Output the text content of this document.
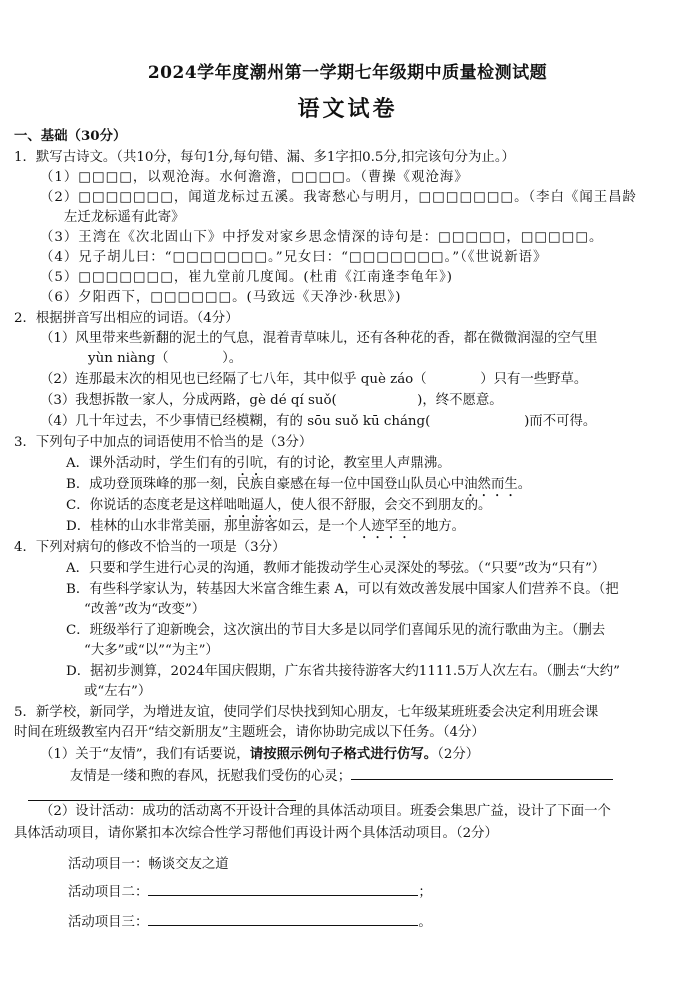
2024学年度潮州第一学期七年级期中质量检测试题
语文试卷
一、基础（30分）
1．默写古诗文。（共10分，每句1分,每句错、漏、多1字扣0.5分,扣完该句分为止。）
（1）□□□□，以观沧海。水何澹澹，□□□□。（曹操《观沧海》
（2）□□□□□□□，闻道龙标过五溪。我寄愁心与明月，□□□□□□□。（李白《闻王昌龄
左迁龙标遥有此寄》
（3）王湾在《次北固山下》中抒发对家乡思念情深的诗句是：□□□□□，□□□□□。
（4）兄子胡儿曰：“□□□□□□□。”兄女曰：“□□□□□□□。”（《世说新语》
（5）□□□□□□□，崔九堂前几度闻。(杜甫《江南逢李龟年》)
（6）夕阳西下，□□□□□□。(马致远《天净沙·秋思》)
2．根据拼音写出相应的词语。（4分）
（1）风里带来些新翻的泥土的气息，混着青草味儿，还有各种花的香，都在微微润湿的空气里
yùn niàng（　　　　）。
（2）连那最末次的相见也已经隔了七八年，其中似乎 què záo（　　　　）只有一些野草。
（3）我想拆散一家人，分成两路，gè dé qí suǒ(　　　　　　)，终不愿意。
（4）几十年过去，不少事情已经模糊，有的 sōu suǒ kū cháng(　　　　　　　)而不可得。
3．下列句子中加点的词语使用不恰当的是（3分）
A．课外活动时，学生们有的引吭，有的讨论，教室里人声鼎沸。
B．成功登顶珠峰的那一刻，民族自豪感在每一位中国登山队员心中油然而生。
C．你说话的态度老是这样咄咄逼人，使人很不舒服，会交不到朋友的。
D．桂林的山水非常美丽，那里游客如云，是一个人迹罕至的地方。
4．下列对病句的修改不恰当的一项是（3分）
A．只要和学生进行心灵的沟通，教师才能拨动学生心灵深处的琴弦。（“只要”改为“只有”）
B．有些科学家认为，转基因大米富含维生素 A，可以有效改善发展中国家人们营养不良。（把
“改善”改为“改变”）
C．班级举行了迎新晚会，这次演出的节目大多是以同学们喜闻乐见的流行歌曲为主。（删去
“大多”或“以”“为主”）
D．据初步测算，2024年国庆假期，广东省共接待游客大约1111.5万人次左右。（删去“大约”
或“左右”）
5．新学校，新同学，为增进友谊，使同学们尽快找到知心朋友，七年级某班班委会决定利用班会课
时间在班级教室内召开“结交新朋友”主题班会，请你协助完成以下任务。（4分）
（1）关于“友情”，我们有话要说，请按照示例句子格式进行仿写。（2分）
友情是一缕和煦的春风，抚慰我们受伤的心灵；
（2）设计活动：成功的活动离不开设计合理的具体活动项目。班委会集思广益，设计了下面一个
具体活动项目，请你紧扣本次综合性学习帮他们再设计两个具体活动项目。（2分）
活动项目一：畅谈交友之道
活动项目二：	；
活动项目三：	。
